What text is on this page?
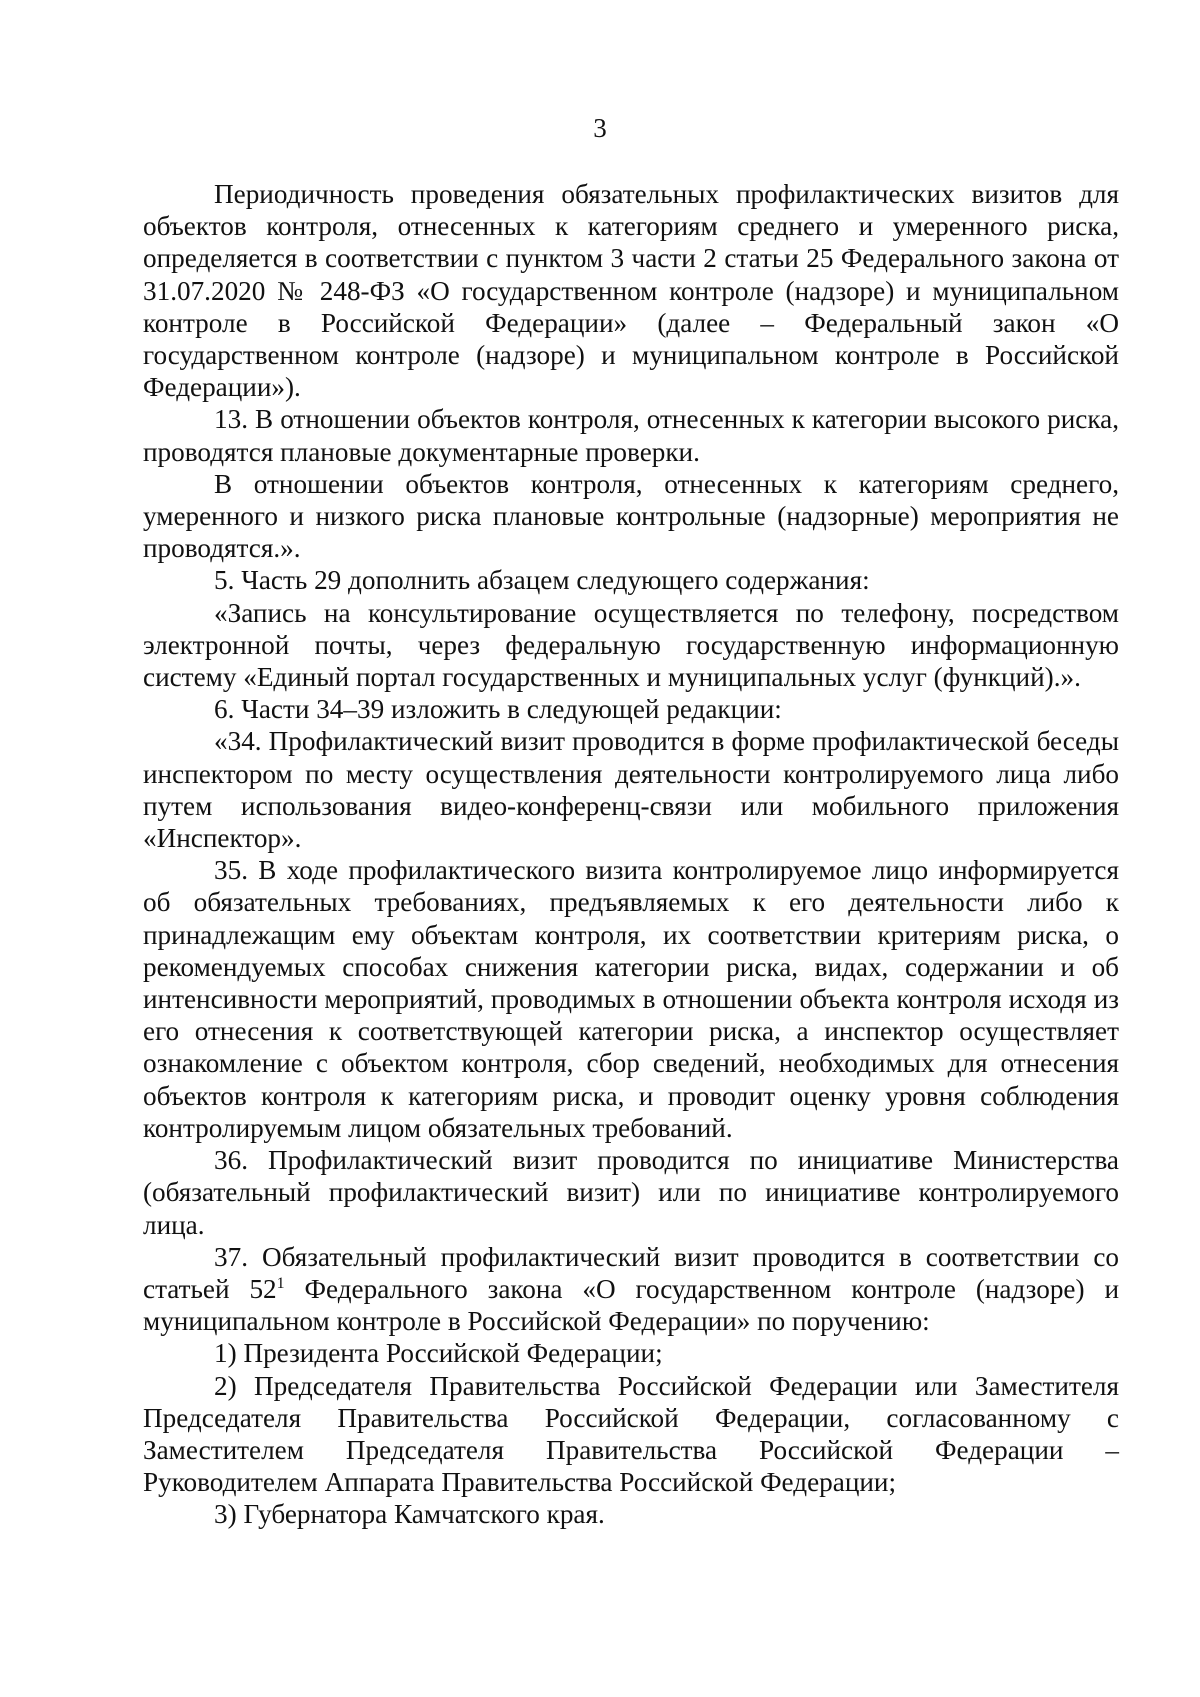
3

Периодичность проведения обязательных профилактических визитов для объектов контроля, отнесенных к категориям среднего и умеренного риска, определяется в соответствии с пунктом 3 части 2 статьи 25 Федерального закона от 31.07.2020 № 248-ФЗ «О государственном контроле (надзоре) и муниципальном контроле в Российской Федерации» (далее – Федеральный закон «О государственном контроле (надзоре) и муниципальном контроле в Российской Федерации»).

13. В отношении объектов контроля, отнесенных к категории высокого риска, проводятся плановые документарные проверки.

В отношении объектов контроля, отнесенных к категориям среднего, умеренного и низкого риска плановые контрольные (надзорные) мероприятия не проводятся.».

5. Часть 29 дополнить абзацем следующего содержания:

«Запись на консультирование осуществляется по телефону, посредством электронной почты, через федеральную государственную информационную систему «Единый портал государственных и муниципальных услуг (функций).».

6. Части 34–39 изложить в следующей редакции:

«34. Профилактический визит проводится в форме профилактической беседы инспектором по месту осуществления деятельности контролируемого лица либо путем использования видео-конференц-связи или мобильного приложения «Инспектор».

35. В ходе профилактического визита контролируемое лицо информируется об обязательных требованиях, предъявляемых к его деятельности либо к принадлежащим ему объектам контроля, их соответствии критериям риска, о рекомендуемых способах снижения категории риска, видах, содержании и об интенсивности мероприятий, проводимых в отношении объекта контроля исходя из его отнесения к соответствующей категории риска, а инспектор осуществляет ознакомление с объектом контроля, сбор сведений, необходимых для отнесения объектов контроля к категориям риска, и проводит оценку уровня соблюдения контролируемым лицом обязательных требований.

36. Профилактический визит проводится по инициативе Министерства (обязательный профилактический визит) или по инициативе контролируемого лица.

37. Обязательный профилактический визит проводится в соответствии со статьей $52^1$ Федерального закона «О государственном контроле (надзоре) и муниципальном контроле в Российской Федерации» по поручению:

1) Президента Российской Федерации;

2) Председателя Правительства Российской Федерации или Заместителя Председателя Правительства Российской Федерации, согласованному с Заместителем Председателя Правительства Российской Федерации – Руководителем Аппарата Правительства Российской Федерации;

3) Губернатора Камчатского края.
